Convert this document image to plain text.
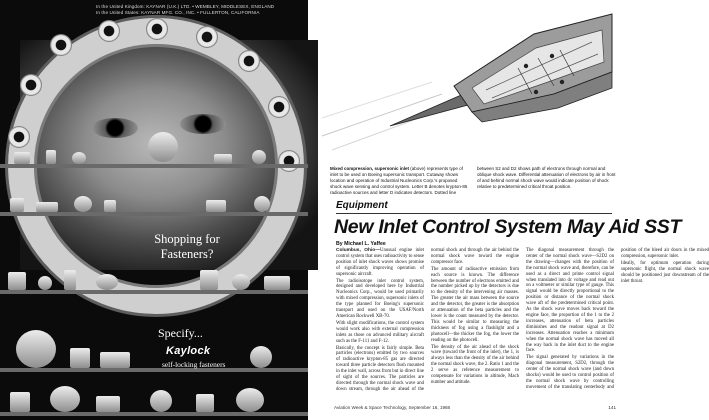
In the United Kingdom: KAYNAR (U.K.) LTD. • WEMBLEY, MIDDLESEX, ENGLAND
In the United States: KAYNAR MFG. CO., INC. • FULLERTON, CALIFORNIA
Shopping for Fasteners?
Specify...
Kaylock
self-locking fasteners
Mixed compression, supersonic inlet (above) represents type of inlet to be used on Boeing supersonic transport. Cutaway shows location and operation of Industrial Nucleonics Corp.'s proposed shock wave sensing and control system. Letter B denotes krypton-85 radioactive sources and letter D indicates detectors. Dotted line between S2 and D2 shows path of electrons through normal and oblique shock wave. Differential attenuation of electrons by air in front of and behind normal shock wave would indicate position of shock relative to predetermined critical throat position.
Equipment
New Inlet Control System May Aid SST
By Michael L. Yaffee

Columbus, Ohio—Unusual engine inlet control system that uses radioactivity to sense position of inlet shock waves shows promise of significantly improving operation of supersonic aircraft.

The radioisotope inlet control system, designed and developed here by Industrial Nucleonics Corp., would be used primarily with mixed compression, supersonic inlets of the type planned for Boeing's supersonic transport and used on the USAF/North American Rockwell XB-70.

With slight modifications, the control system would work also with external compression inlets as those on advanced military aircraft such as the F-111 and F-12.

Basically, the concept is fairly simple. Beta particles (electrons) emitted by two sources of radioactive krypton-85 gas are directed toward three particle detectors flush mounted in the inlet wall, across from but in direct line of sight of the sources. The particles are directed through the normal shock wave and down stream, through the air ahead of the normal shock and through the air behind the normal shock wave toward the engine compressor face.

The amount of radioactive emission from each source is known. The difference between the number of electrons emitted and the number picked up by the detectors is due to the density of the intervening air masses. The greater the air mass between the source and the detector, the greater is the absorption or attenuation of the beta particles and the lower is the count measured by the detector. This would be similar to measuring the thickness of fog using a flashlight and a photocell—the thicker the fog, the lower the reading on the photocell.

The density of the air ahead of the shock wave (toward the front of the inlet), the 1, is always less than the density of the air behind the normal shock wave, the 2. Ratio 1 and the 2 serve as reference measurement to compensate for variations in altitude, Mach number and attitude.

The diagonal measurement through the center of the normal shock wave—S2D2 on the drawing—changes with the position of the normal shock wave and, therefore, can be used as a direct and prime control signal when translated into dc voltage and read out on a voltmeter or similar type of gauge. This signal would be directly proportional to the position or distance of the normal shock wave aft of the predetermined critical point. As the shock wave moves back toward the engine face, the proportion of the 1 to the 2 increases, attenuation of beta particles diminishes and the readout signal at D2 increases. Attenuation reaches a minimum when the normal shock wave has moved all the way back in the inlet duct to the engine face.

The signal generated by variations in the diagonal measurement, S2D2, through the center of the normal shock wave (and down shocks) would be used to control position of the normal shock wave by controlling movement of the translating centerbody and position of the bleed air doors in the mixed compression, supersonic inlet.

Ideally, for optimum operation during supersonic flight, the normal shock wave should be positioned just downstream of the inlet throat.

Aviation Week & Space Technology, September 16, 1968	141
